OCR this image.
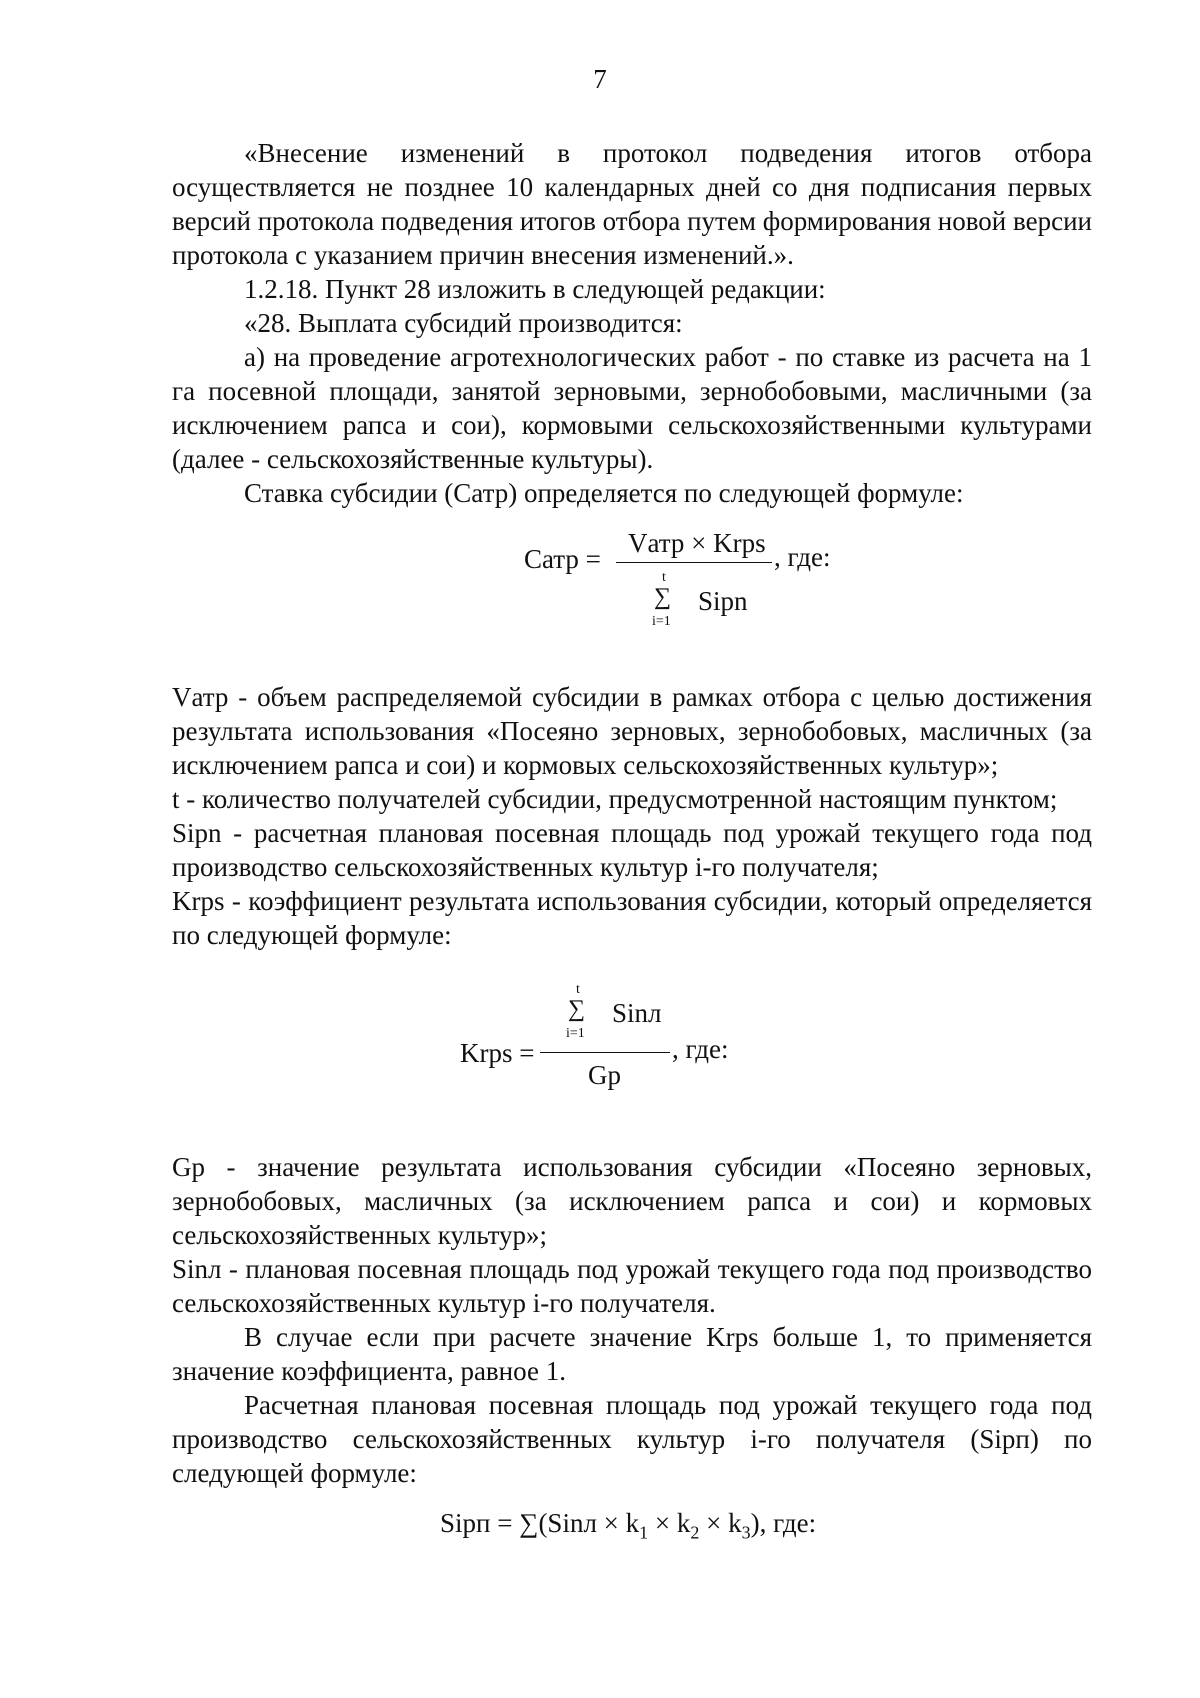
7

«Внесение изменений в протокол подведения итогов отбора осуществляется не позднее 10 календарных дней со дня подписания первых версий протокола подведения итогов отбора путем формирования новой версии протокола с указанием причин внесения изменений.».

1.2.18. Пункт 28 изложить в следующей редакции:

«28. Выплата субсидий производится:

а) на проведение агротехнологических работ - по ставке из расчета на 1 га посевной площади, занятой зерновыми, зернобобовыми, масличными (за исключением рапса и сои), кормовыми сельскохозяйственными культурами (далее - сельскохозяйственные культуры).

Ставка субсидии (Сатр) определяется по следующей формуле:

Сатр =
Vатр × Krps
t
∑
i=1
Sipn
, где:

Vатр - объем распределяемой субсидии в рамках отбора с целью достижения результата использования «Посеяно зерновых, зернобобовых, масличных (за исключением рапса и сои) и кормовых сельскохозяйственных культур»;

t - количество получателей субсидии, предусмотренной настоящим пунктом;

Sipn - расчетная плановая посевная площадь под урожай текущего года под производство сельскохозяйственных культур i-го получателя;

Krps - коэффициент результата использования субсидии, который определяется по следующей формуле:

t
∑
i=1
Sinл
Krps =
Gp
, где:

Gp - значение результата использования субсидии «Посеяно зерновых, зернобобовых, масличных (за исключением рапса и сои) и кормовых сельскохозяйственных культур»;

Sinл - плановая посевная площадь под урожай текущего года под производство сельскохозяйственных культур i-го получателя.

В случае если при расчете значение Krps больше 1, то применяется значение коэффициента, равное 1.

Расчетная плановая посевная площадь под урожай текущего года под производство сельскохозяйственных культур i-го получателя (Sipп) по следующей формуле:

Sipп = ∑(Sinл × $k_1 \times k_2 \times k_3$), где:
